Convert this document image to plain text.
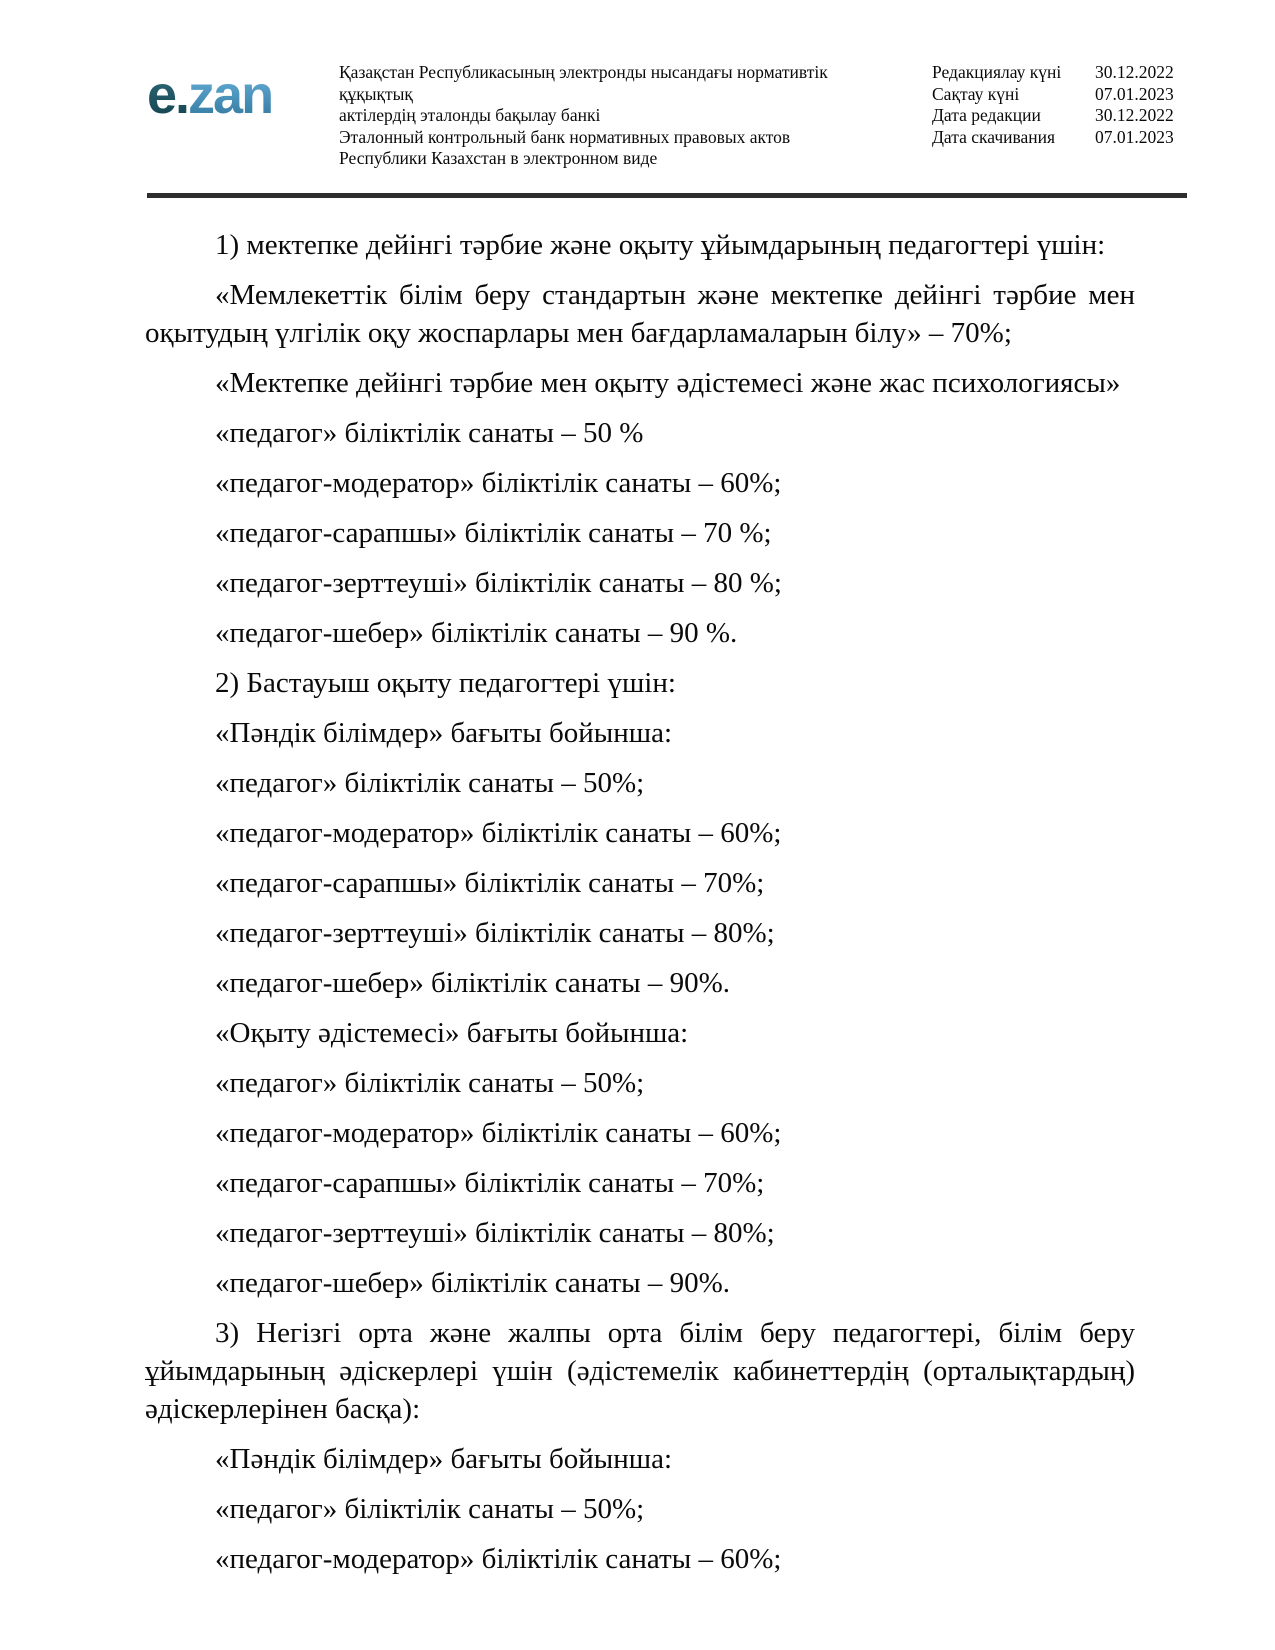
e.zan	Қазақстан Республикасының электронды нысандағы нормативтік құқықтық
актілердің эталонды бақылау банкі
Эталонный контрольный банк нормативных правовых актов
Республики Казахстан в электронном виде
Редакциялау күні	30.12.2022
Сақтау күні	07.01.2023
Дата редакции	30.12.2022
Дата скачивания	07.01.2023

1) мектепке дейінгі тәрбие және оқыту ұйымдарының педагогтері үшін:

«Мемлекеттік білім беру стандартын және мектепке дейінгі тәрбие мен оқытудың үлгілік оқу жоспарлары мен бағдарламаларын білу» – 70%;

«Мектепке дейінгі тәрбие мен оқыту әдістемесі және жас психологиясы»

«педагог» біліктілік санаты – 50 %

«педагог-модератор» біліктілік санаты – 60%;

«педагог-сарапшы» біліктілік санаты – 70 %;

«педагог-зерттеуші» біліктілік санаты – 80 %;

«педагог-шебер» біліктілік санаты – 90 %.

2) Бастауыш оқыту педагогтері үшін:

«Пәндік білімдер» бағыты бойынша:

«педагог» біліктілік санаты – 50%;

«педагог-модератор» біліктілік санаты – 60%;

«педагог-сарапшы» біліктілік санаты – 70%;

«педагог-зерттеуші» біліктілік санаты – 80%;

«педагог-шебер» біліктілік санаты – 90%.

«Оқыту әдістемесі» бағыты бойынша:

«педагог» біліктілік санаты – 50%;

«педагог-модератор» біліктілік санаты – 60%;

«педагог-сарапшы» біліктілік санаты – 70%;

«педагог-зерттеуші» біліктілік санаты – 80%;

«педагог-шебер» біліктілік санаты – 90%.

3) Негізгі орта және жалпы орта білім беру педагогтері, білім беру ұйымдарының әдіскерлері үшін (әдістемелік кабинеттердің (орталықтардың) әдіскерлерінен басқа):

«Пәндік білімдер» бағыты бойынша:

«педагог» біліктілік санаты – 50%;

«педагог-модератор» біліктілік санаты – 60%;
